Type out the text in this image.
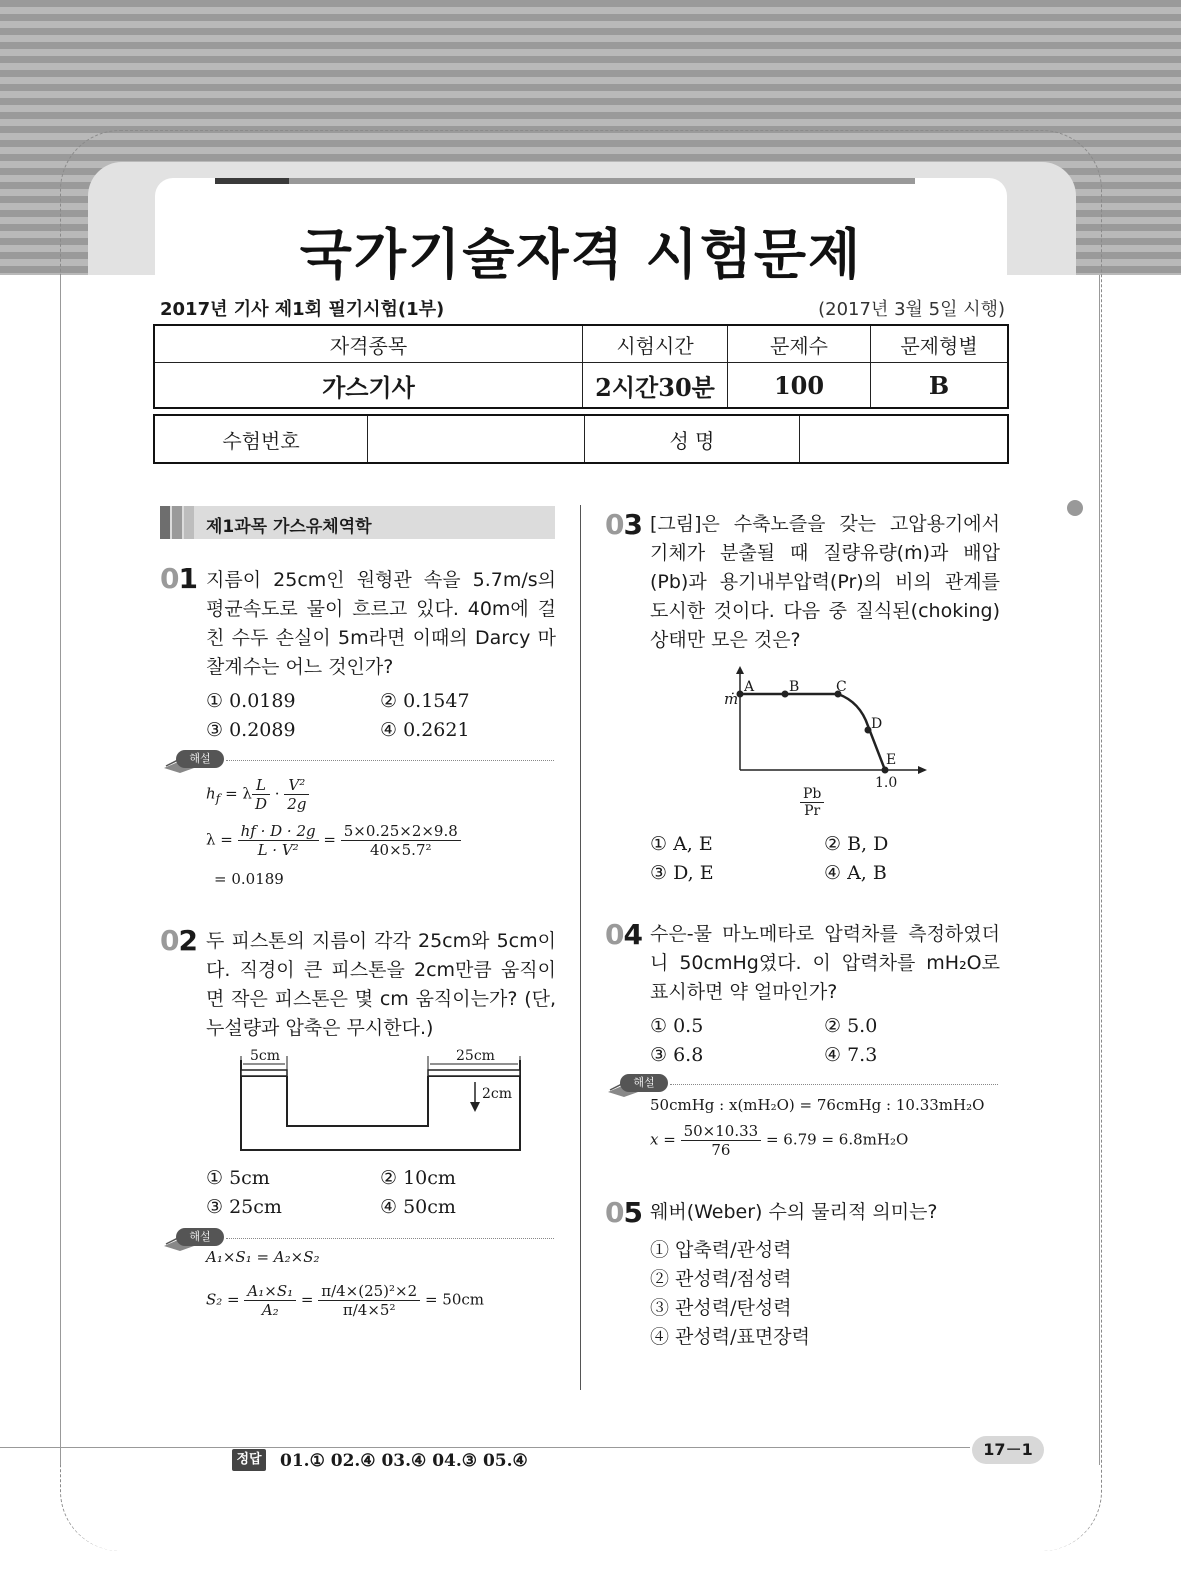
국가기술자격 시험문제
2017년 기사 제1회 필기시험(1부)	(2017년 3월 5일 시행)
자격종목	시험시간	문제수	문제형별
가스기사	2시간30분	100	B
수험번호		성 명	
제1과목 가스유체역학
01 지름이 25cm인 원형관 속을 5.7m/s의 평균속도로 물이 흐르고 있다. 40m에 걸친 수두 손실이 5m라면 이때의 Darcy 마찰계수는 어느 것인가?
① 0.0189	② 0.1547
③ 0.2089	④ 0.2621
해설
$h_f = \lambda \frac{L}{D} \cdot \frac{\text{V²}}{2g}$
$\lambda = \frac{hf \cdot D \cdot 2g}{\text{L · V²}} = \frac{5\times 0.25\times 2\times 9.8}{\text{40×5.7²}}$
= 0.0189
02 두 피스톤의 지름이 각각 25cm와 5cm이다. 직경이 큰 피스톤을 2cm만큼 움직이면 작은 피스톤은 몇 cm 움직이는가? (단, 누설량과 압축은 무시한다.)
5cm	25cm
2cm
① 5cm	② 10cm
③ 25cm	④ 50cm
해설
A₁×S₁ = A₂×S₂
$S_2 = \frac{\text{A₁×S₁}}{\text{A₂}} = \frac{\text{π/4×(25)²×2}}{\text{π/4×5²}} = 50cm$
03 [그림]은 수축노즐을 갖는 고압용기에서 기체가 분출될 때 질량유량(ṁ)과 배압(Pb)과 용기내부압력(Pr)의 비의 관계를 도시한 것이다. 다음 중 질식된(choking) 상태만 모은 것은?
A B	C
D
E
ṁ
1.0
$\frac{Pb}{Pr}$
① A, E	② B, D
③ D, E	④ A, B
04 수은-물 마노메타로 압력차를 측정하였더니 50cmHg였다. 이 압력차를 mH₂O로 표시하면 약 얼마인가?
① 0.5	② 5.0
③ 6.8	④ 7.3
해설
50cmHg : x(mH₂O) = 76cmHg : 10.33mH₂O
$x = \frac{50\times 10.33}{76} = 6.79 = 6.8mH_2O$
05 웨버(Weber) 수의 물리적 의미는?
① 압축력/관성력
② 관성력/점성력
③ 관성력/탄성력
④ 관성력/표면장력
17－1
정답 01.① 02.④ 03.④ 04.③ 05.④
